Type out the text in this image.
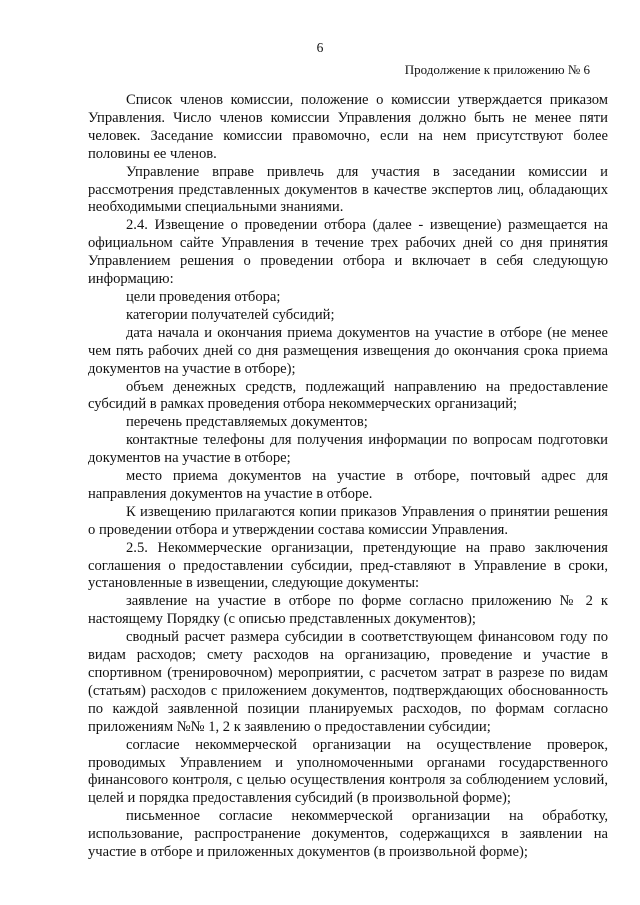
6
Продолжение к приложению № 6

Список членов комиссии, положение о комиссии утверждается приказом Управления. Число членов комиссии Управления должно быть не менее пяти человек. Заседание комиссии правомочно, если на нем присутствуют более половины ее членов.

Управление вправе привлечь для участия в заседании комиссии и рассмотрения представленных документов в качестве экспертов лиц, обладающих необходимыми специальными знаниями.

2.4. Извещение о проведении отбора (далее - извещение) размещается на официальном сайте Управления в течение трех рабочих дней со дня принятия Управлением решения о проведении отбора и включает в себя следующую информацию:

цели проведения отбора;

категории получателей субсидий;

дата начала и окончания приема документов на участие в отборе (не менее чем пять рабочих дней со дня размещения извещения до окончания срока приема документов на участие в отборе);

объем денежных средств, подлежащий направлению на предоставление субсидий в рамках проведения отбора некоммерческих организаций;

перечень представляемых документов;

контактные телефоны для получения информации по вопросам подготовки документов на участие в отборе;

место приема документов на участие в отборе, почтовый адрес для направления документов на участие в отборе.

К извещению прилагаются копии приказов Управления о принятии решения о проведении отбора и утверждении состава комиссии Управления.

2.5. Некоммерческие организации, претендующие на право заключения соглашения о предоставлении субсидии, пред-ставляют в Управление в сроки, установленные в извещении, следующие документы:

заявление на участие в отборе по форме согласно приложению № 2 к настоящему Порядку (с описью представленных документов);

сводный расчет размера субсидии в соответствующем финансовом году по видам расходов; смету расходов на организацию, проведение и участие в спортивном (тренировочном) мероприятии, с расчетом затрат в разрезе по видам (статьям) расходов с приложением документов, подтверждающих обоснованность по каждой заявленной позиции планируемых расходов, по формам согласно приложениям №№ 1, 2 к заявлению о предоставлении субсидии;

согласие некоммерческой организации на осуществление проверок, проводимых Управлением и уполномоченными органами государственного финансового контроля, с целью осуществления контроля за соблюдением условий, целей и порядка предоставления субсидий (в произвольной форме);

письменное согласие некоммерческой организации на обработку, использование, распространение документов, содержащихся в заявлении на участие в отборе и приложенных документов (в произвольной форме);
